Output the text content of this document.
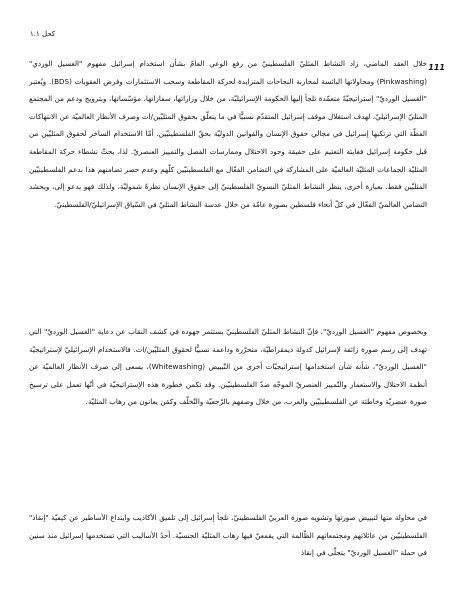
كحل ١.١
111

خلال العقد الماضي، زاد النشاط المثليّ الفلسطينيّ من رفع الوعي العامّ بشأن استخدام إسرائيل مفهوم "الغسيل الوردي" (Pinkwashing) ومحاولاتها البائسة لمحاربة النجاحات المتزايدة لحركة المقاطعة وسحب الاستثمارات وفرض العقوبات (BDS). ويُعتبر "الغسيل الورديّ" إستراتيجيّةً متعمّدة تلجأ إليها الحكومة الإسرائيليّة، من خلال وزاراتها، سفاراتها، مؤسّساتها، وبترويج ودعم من المجتمع المثليّ الإسرائيليّ، لهدف استغلال موقف إسرائيل المتقدّم نسبيًّا في ما يتعلّق بحقوق المثليّين/ات وصرف الأنظار العالميّة عن الانتهاكات الفظّة التي ترتكبها إسرائيل في مجالي حقوق الإنسان والقوانين الدوليّة بحقّ الفلسطينيّين. أمّا الاستخدام الساخر لحقوق المثليّين من قبل حكومة إسرائيل فغايته التعتيم على حقيقة وجود الاحتلال وممارسات الفصل والتمييز العنصريّ. لذا، يحثّ نشطاء حركة المقاطعة المثليّة الجماعات المثليّة العالميّة على المشاركة في التضامن الفعّال مع الفلسطينيّين كلّهم وعدم حصر تضامنهم هذا بدعم الفلسطينيّين المثليّين فقط. بعبارة أخرى، ينظر النشاط المثليّ النسويّ الفلسطينيّ إلى حقوق الإنسان نظرةً شموليّة، ولذلك فهو يدعو إلى، ويحشد التضامن العالميّ الفعّال في كلّ أنحاء فلسطين بصورة عامّة من خلال عدسة النشاط المثليّ في السّياق الإسرائيليّ/الفلسطينيّ.

وبخصوص مفهوم "الغسيل الورديّ"، فإنّ النشاط المثليّ الفلسطينيّ يستثمر جهوده في كشف النقاب عن دعاية "الغسيل الورديّ" التي تهدف إلى رسم صورة زائفة لإسرائيل كدولة ديمقراطيّة، متحرّرة وداعمة نسبيًّا لحقوق المثليّين/ات. فالاستخدام الإسرائيليّ لإستراتيجيّة "الغسيل الورديّ"، شأنه شأن استخدامها إستراتيجيّات أخرى من التّبييض (Whitewashing)، يسعى إلى صرف الأنظار العالميّة عن أنظمة الاحتلال والاستعمار والتّمييز العنصريّ الموجّه ضدّ الفلسطينيّين. وقد تكمن خطورة هذه الإستراتيجيّة في أنّها تعمل على ترسيخ صورة عنصريّة وخاطئة عن الفلسطينيّين والعرب، من خلال وصفهم بالرّجعيّة والتّخلّف وكمَن يعانون من رهاب المثليّة.

في محاولة منها لتبييض صورتها وتشويه صورة العربيّ الفلسطينيّ، تلجأ إسرائيل إلى تلفيق الأكاذيب وابتداع الأساطير عن كيفيّة "إنقاذ" الفلسطينيّين من عائلاتهم ومجتمعاتهم الظّالمة التي يقمعنّ فيها رهاب المثليّة الجنسيّة. أحدُ الأساليب التي تستخدمها إسرائيل منذ سنين في حملة "الغسيل الورديّ" يتجلّى في إنقاذ
